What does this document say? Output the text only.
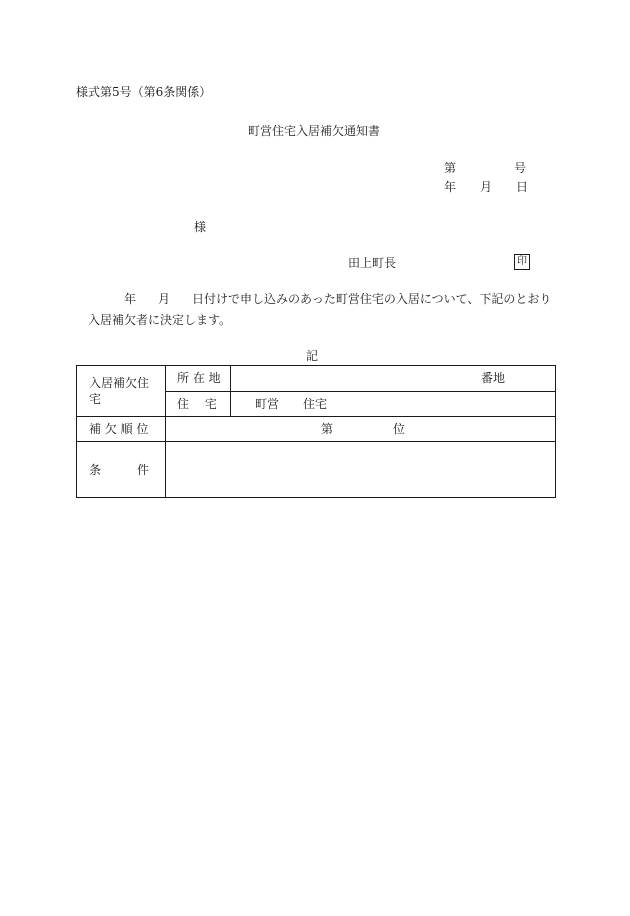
様式第5号（第6条関係）
町営住宅入居補欠通知書
第	号
年 月 日
様
田上町長	印
年 月 日付けで申し込みのあった町営住宅の入居について、下記のとおり
入居補欠者に決定します。
記
入居補欠住
宅
所 在 地	番地
住　 宅	町営 住宅
補 欠 順 位	第	位
条　　　件
